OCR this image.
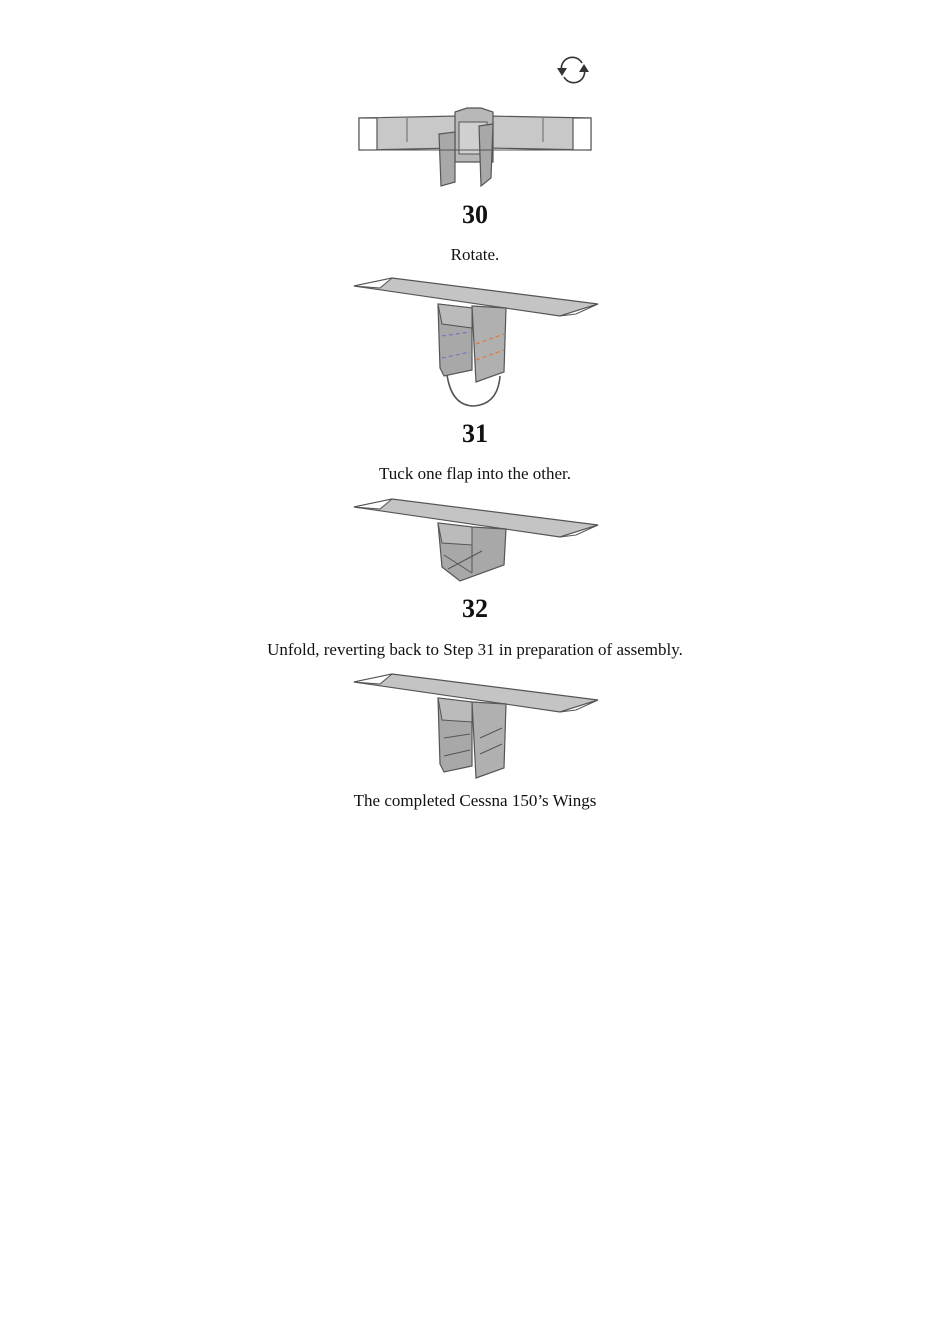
30
Rotate.
31
Tuck one flap into the other.
32
Unfold, reverting back to Step 31 in preparation of assembly.
The completed Cessna 150’s Wings
